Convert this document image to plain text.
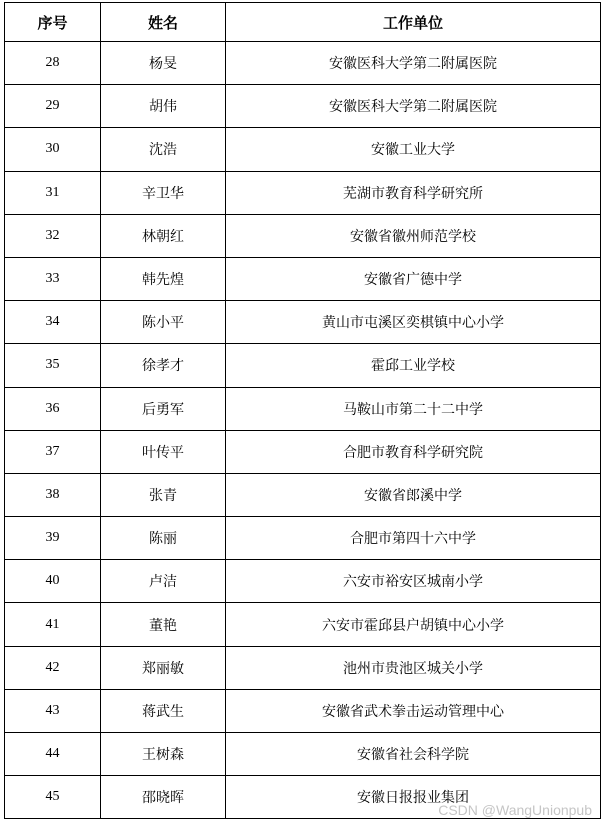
序号	姓名	工作单位
28	杨旻	安徽医科大学第二附属医院
29	胡伟	安徽医科大学第二附属医院
30	沈浩	安徽工业大学
31	辛卫华	芜湖市教育科学研究所
32	林朝红	安徽省徽州师范学校
33	韩先煌	安徽省广德中学
34	陈小平	黄山市屯溪区奕棋镇中心小学
35	徐孝才	霍邱工业学校
36	后勇军	马鞍山市第二十二中学
37	叶传平	合肥市教育科学研究院
38	张青	安徽省郎溪中学
39	陈丽	合肥市第四十六中学
40	卢洁	六安市裕安区城南小学
41	董艳	六安市霍邱县户胡镇中心小学
42	郑丽敏	池州市贵池区城关小学
43	蒋武生	安徽省武术拳击运动管理中心
44	王树森	安徽省社会科学院
45	邵晓晖	安徽日报报业集团
CSDN @WangUnionpub
